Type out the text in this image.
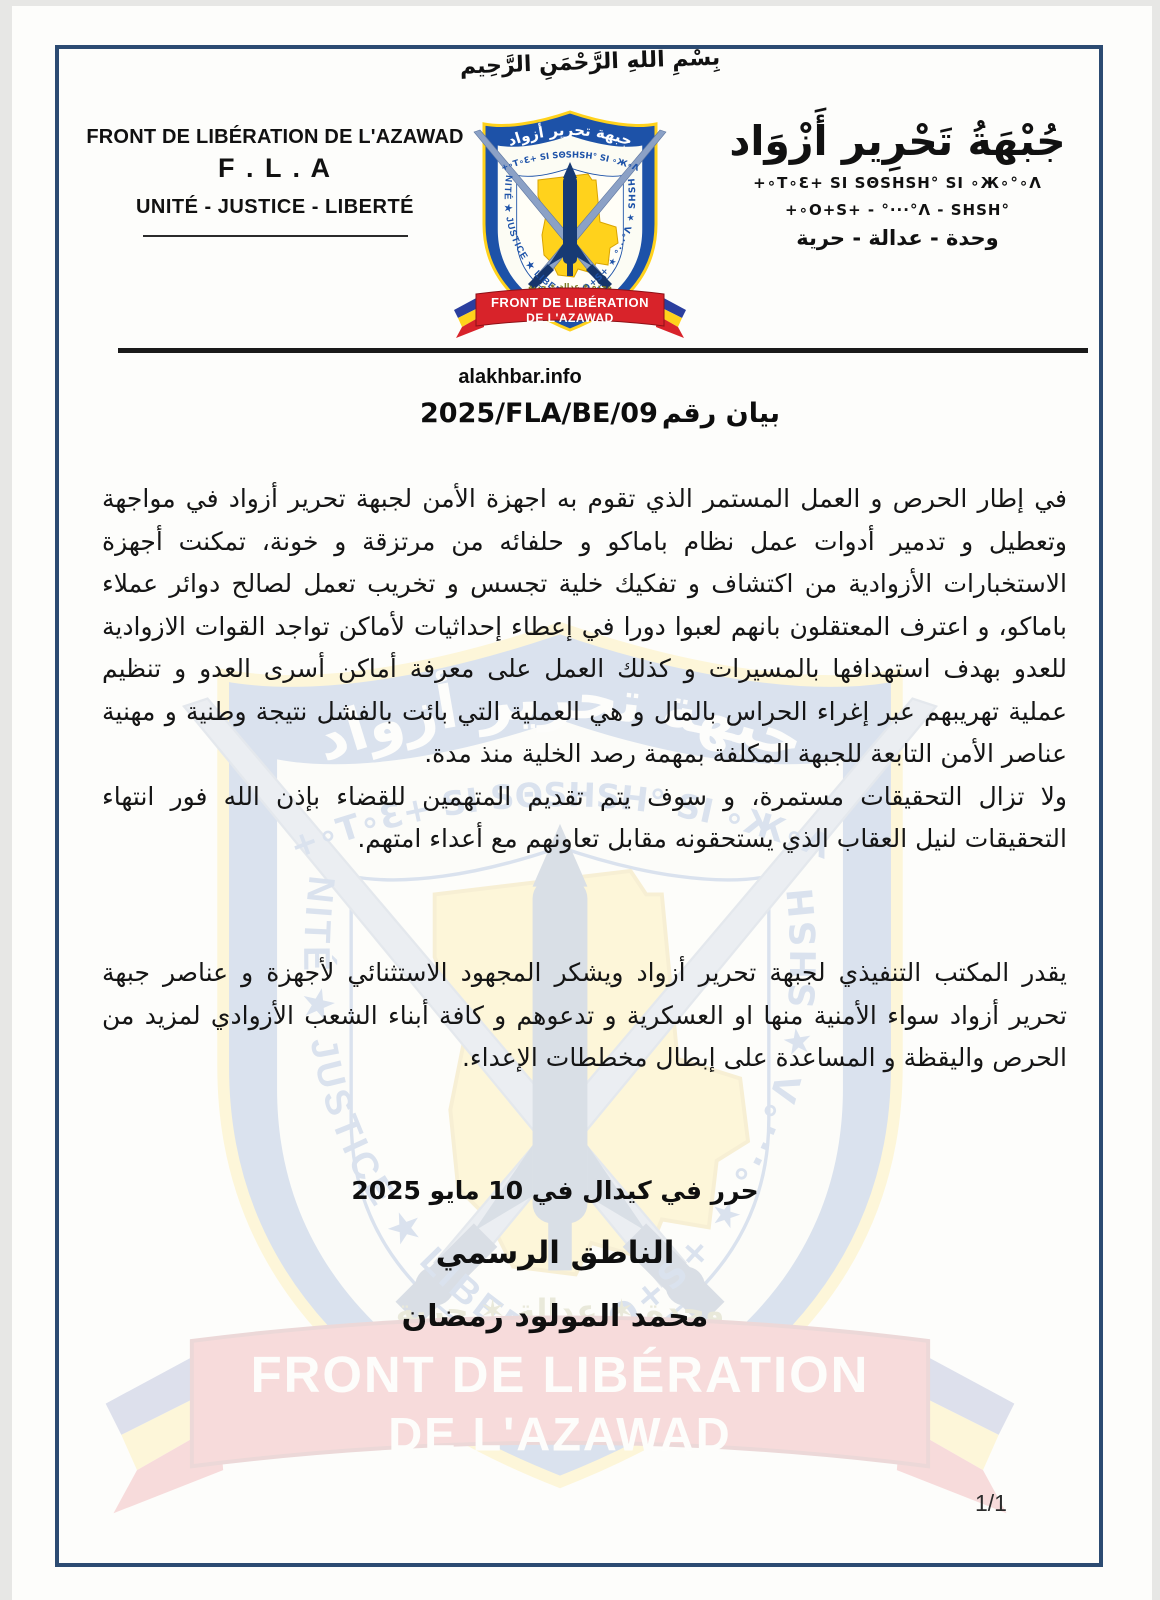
بِسْمِ اللهِ الرَّحْمَنِ الرَّحِيم
FRONT DE LIBÉRATION DE L'AZAWAD
F . L . A
UNITÉ - JUSTICE - LIBERTÉ
جُبْهَةُ تَحْرِير أَزْوَاد
+∘T∘Ɛ+ SI SΘSHSH° SI ∘Ж∘°∘Λ
+∘O+S+ - °···°Λ - SHSH°
وحدة - عدالة - حرية
alakhbar.info
بيان رقم
2025/FLA/BE/09

في إطار الحرص و العمل المستمر الذي تقوم به اجهزة الأمن لجبهة تحرير أزواد في مواجهة وتعطيل و تدمير أدوات عمل نظام باماكو و حلفائه من مرتزقة و خونة، تمكنت أجهزة الاستخبارات الأزوادية من اكتشاف و تفكيك خلية تجسس و تخريب تعمل لصالح دوائر عملاء باماكو، و اعترف المعتقلون بانهم لعبوا دورا في إعطاء إحداثيات لأماكن تواجد القوات الازوادية للعدو بهدف استهدافها بالمسيرات و كذلك العمل على معرفة أماكن أسرى العدو و تنظيم عملية تهريبهم عبر إغراء الحراس بالمال و هي العملية التي بائت بالفشل نتيجة وطنية و مهنية عناصر الأمن التابعة للجبهة المكلفة بمهمة رصد الخلية منذ مدة.

ولا تزال التحقيقات مستمرة، و سوف يتم تقديم المتهمين للقضاء بإذن الله فور انتهاء التحقيقات لنيل العقاب الذي يستحقونه مقابل تعاونهم مع أعداء امتهم.

يقدر المكتب التنفيذي لجبهة تحرير أزواد ويشكر المجهود الاستثنائي لأجهزة و عناصر جبهة تحرير أزواد سواء الأمنية منها او العسكرية و تدعوهم و كافة أبناء الشعب الأزوادي لمزيد من الحرص واليقظة و المساعدة على إبطال مخططات الإعداء.

حرر في كيدال في 10 مايو 2025
الناطق الرسمي
محمد المولود رمضان
1/1
